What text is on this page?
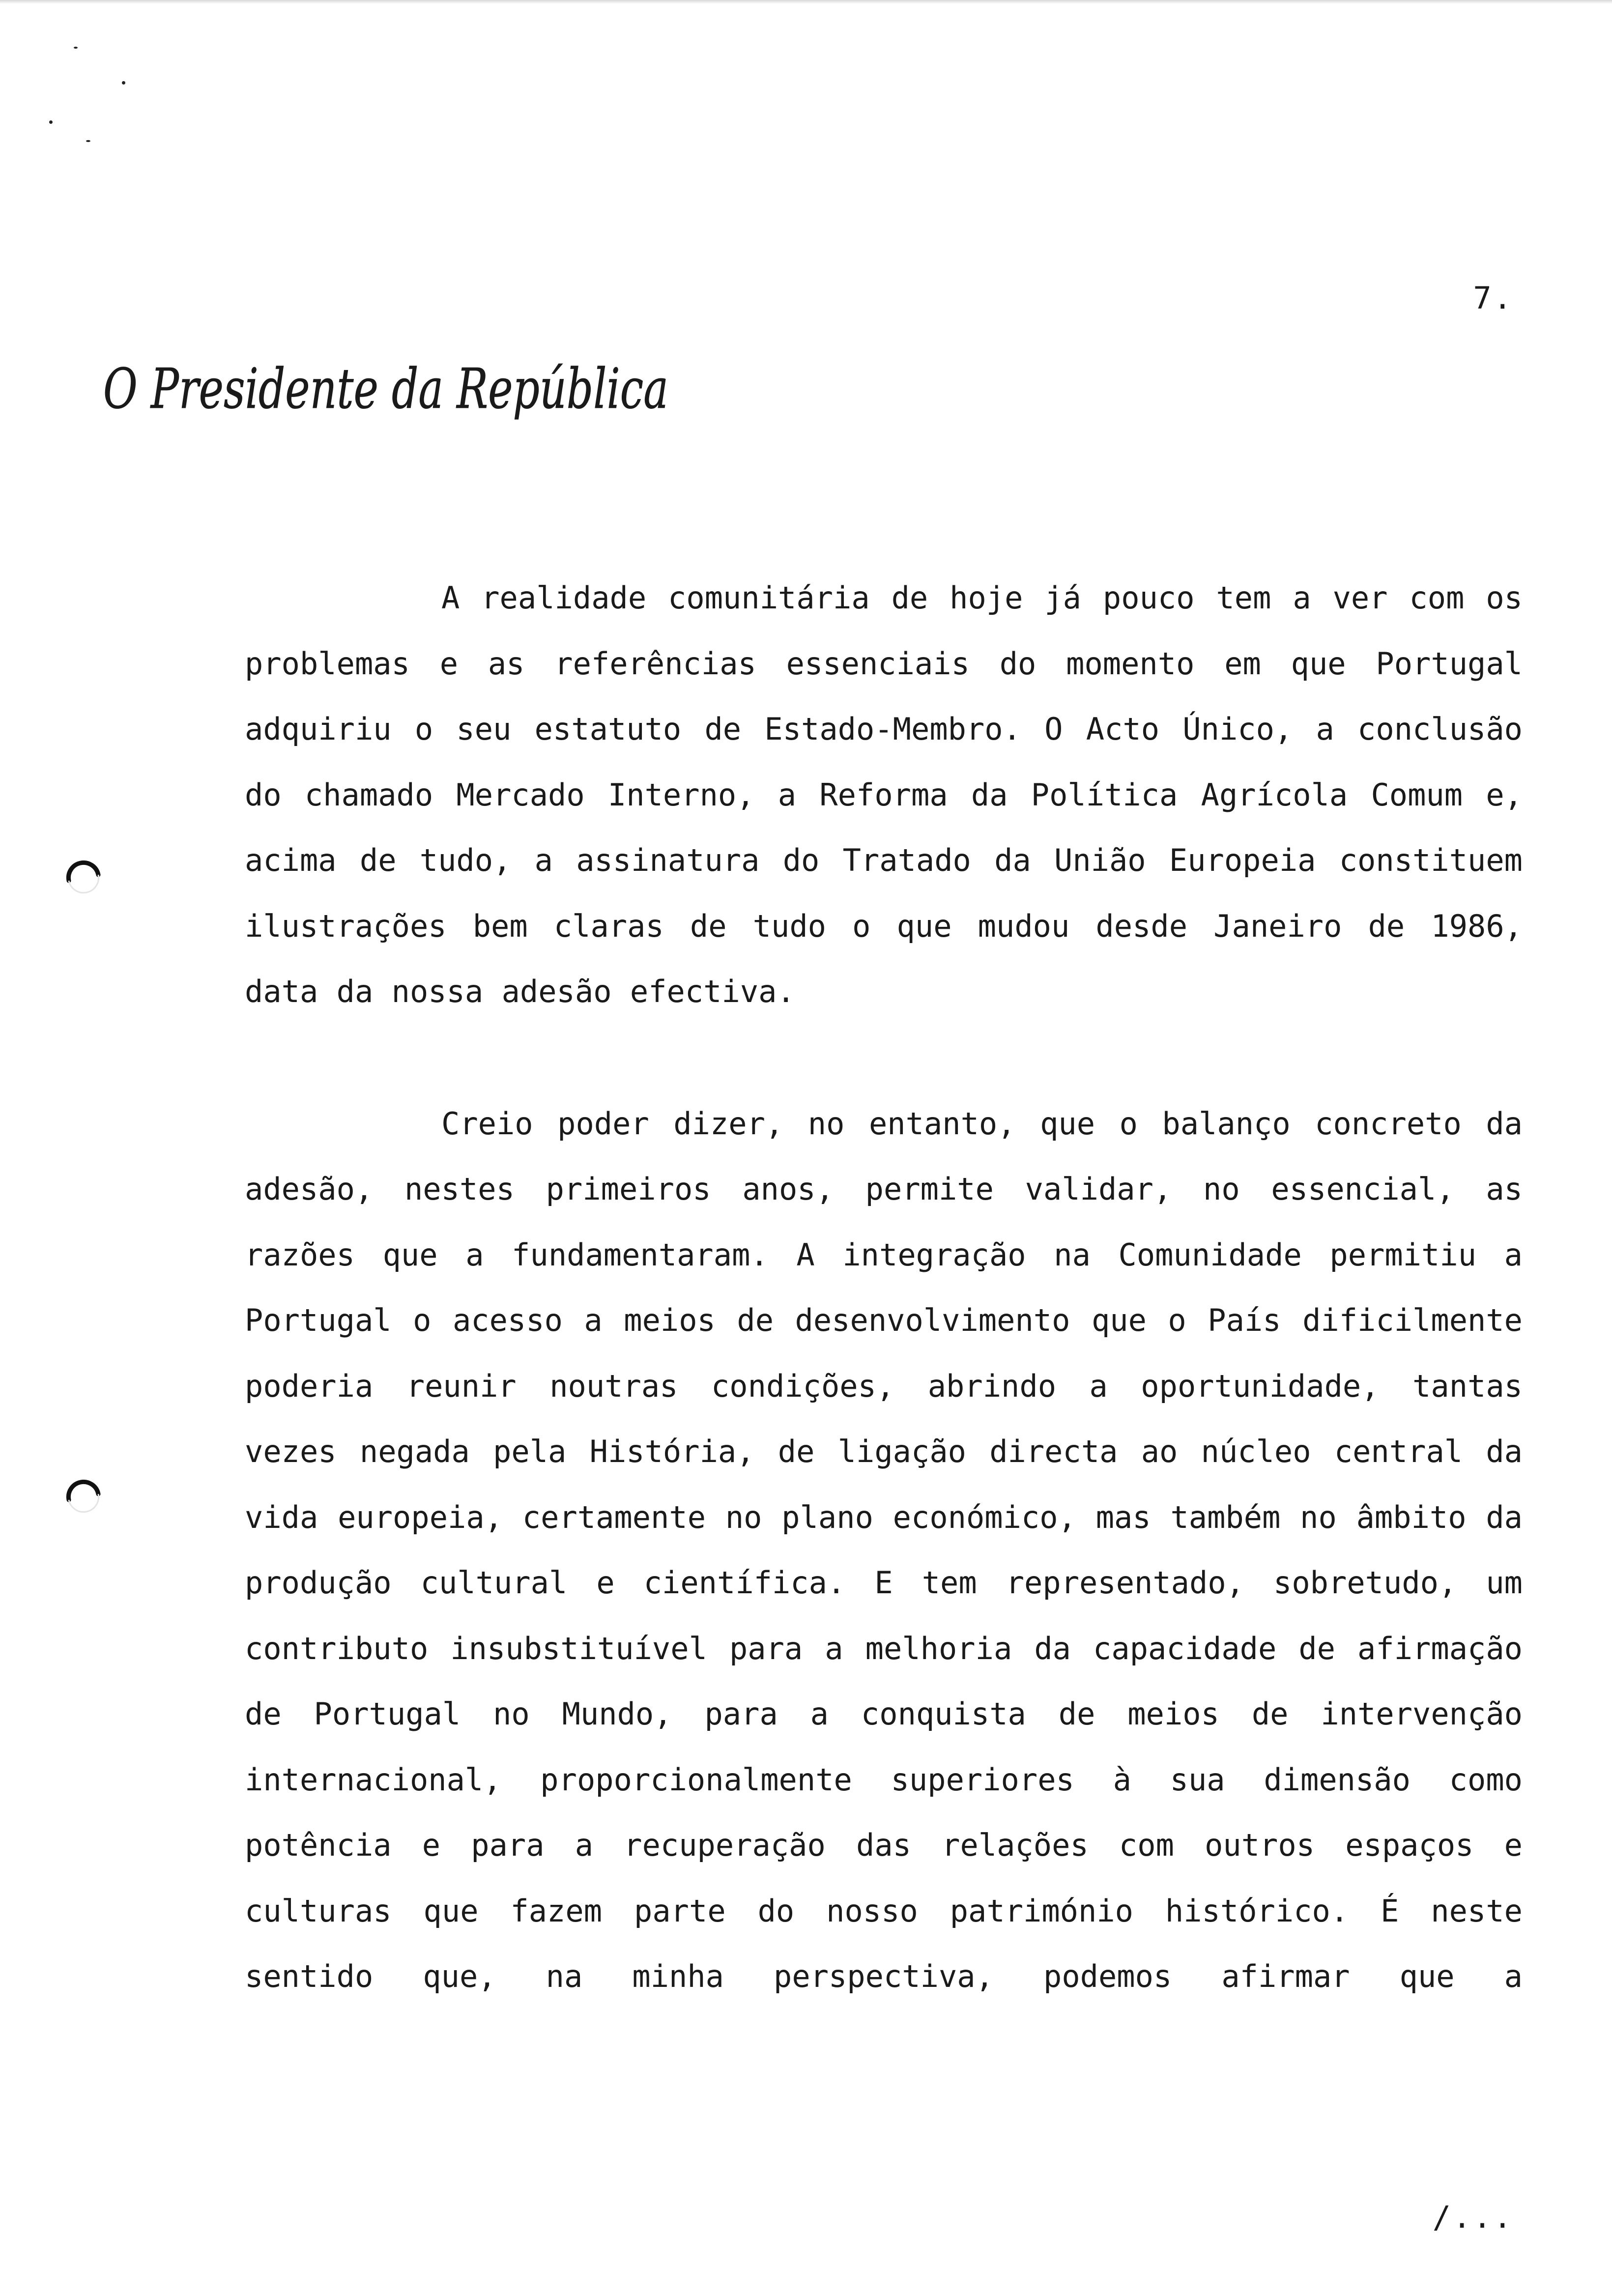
7.
O Presidente da República

A realidade comunitária de hoje já pouco tem a ver com os problemas e as referências essenciais do momento em que Portugal adquiriu o seu estatuto de Estado-Membro. O Acto Único, a conclusão do chamado Mercado Interno, a Reforma da Política Agrícola Comum e, acima de tudo, a assinatura do Tratado da União Europeia constituem ilustrações bem claras de tudo o que mudou desde Janeiro de 1986, data da nossa adesão efectiva.

Creio poder dizer, no entanto, que o balanço concreto da adesão, nestes primeiros anos, permite validar, no essencial, as razões que a fundamentaram. A integração na Comunidade permitiu a Portugal o acesso a meios de desenvolvimento que o País dificilmente poderia reunir noutras condições, abrindo a oportunidade, tantas vezes negada pela História, de ligação directa ao núcleo central da vida europeia, certamente no plano económico, mas também no âmbito da produção cultural e científica. E tem representado, sobretudo, um contributo insubstituível para a melhoria da capacidade de afirmação de Portugal no Mundo, para a conquista de meios de intervenção internacional, proporcionalmente superiores à sua dimensão como potência e para a recuperação das relações com outros espaços e culturas que fazem parte do nosso património histórico. É neste sentido que, na minha perspectiva, podemos afirmar que a

/...
